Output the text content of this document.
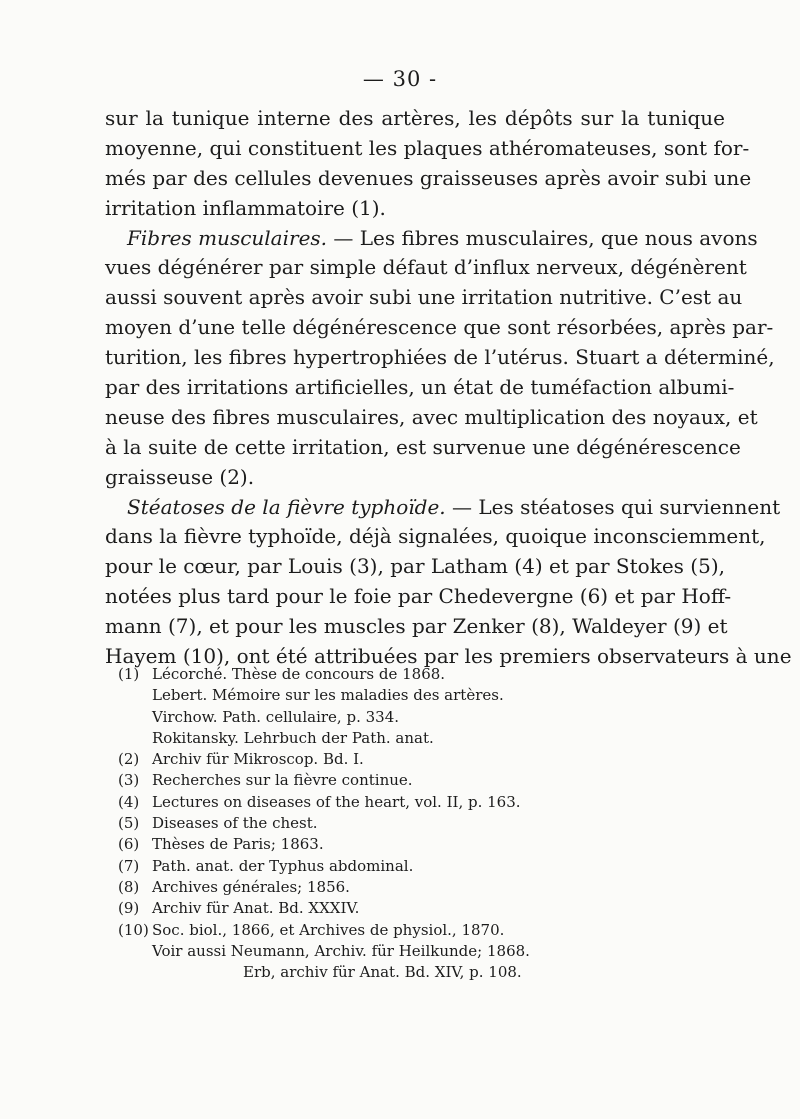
— 30 -
sur la tunique interne des artères, les dépôts sur la tunique
moyenne, qui constituent les plaques athéromateuses, sont for-
més par des cellules devenues graisseuses après avoir subi une
irritation inflammatoire (1).
Fibres musculaires. — Les fibres musculaires, que nous avons
vues dégénérer par simple défaut d’influx nerveux, dégénèrent
aussi souvent après avoir subi une irritation nutritive. C’est au
moyen d’une telle dégénérescence que sont résorbées, après par-
turition, les fibres hypertrophiées de l’utérus. Stuart a déterminé,
par des irritations artificielles, un état de tuméfaction albumi-
neuse des fibres musculaires, avec multiplication des noyaux, et
à la suite de cette irritation, est survenue une dégénérescence
graisseuse (2).
Stéatoses de la fièvre typhoïde. — Les stéatoses qui surviennent
dans la fièvre typhoïde, déjà signalées, quoique inconsciemment,
pour le cœur, par Louis (3), par Latham (4) et par Stokes (5),
notées plus tard pour le foie par Chedevergne (6) et par Hoff-
mann (7), et pour les muscles par Zenker (8), Waldeyer (9) et
Hayem (10), ont été attribuées par les premiers observateurs à une
(1) Lécorché. Thèse de concours de 1868.
Lebert. Mémoire sur les maladies des artères.
Virchow. Path. cellulaire, p. 334.
Rokitansky. Lehrbuch der Path. anat.
(2) Archiv für Mikroscop. Bd. I.
(3) Recherches sur la fièvre continue.
(4) Lectures on diseases of the heart, vol. II, p. 163.
(5) Diseases of the chest.
(6) Thèses de Paris; 1863.
(7) Path. anat. der Typhus abdominal.
(8) Archives générales; 1856.
(9) Archiv für Anat. Bd. XXXIV.
(10) Soc. biol., 1866, et Archives de physiol., 1870.
Voir aussi Neumann, Archiv. für Heilkunde; 1868.
Erb, archiv für Anat. Bd. XIV, p. 108.
